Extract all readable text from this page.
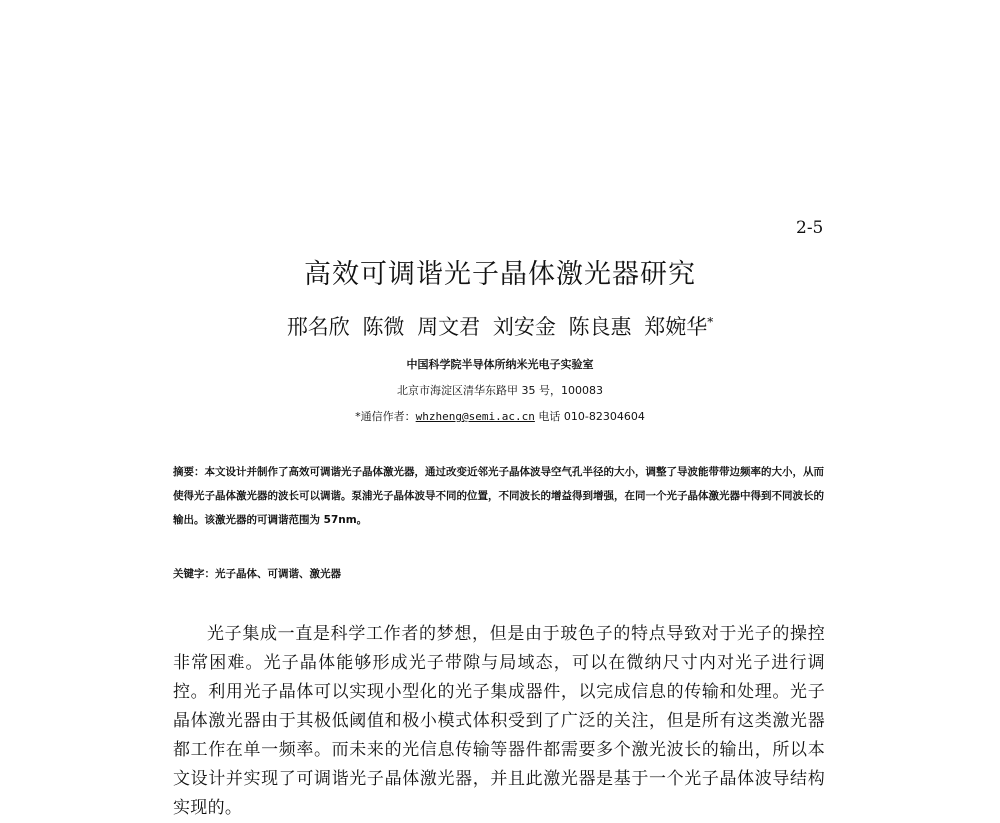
2-5
高效可调谐光子晶体激光器研究
邢名欣 陈微 周文君 刘安金 陈良惠 郑婉华*
中国科学院半导体所纳米光电子实验室
北京市海淀区清华东路甲 35 号，100083
*通信作者：whzheng@semi.ac.cn 电话 010-82304604
摘要：本文设计并制作了高效可调谐光子晶体激光器，通过改变近邻光子晶体波导空气孔半径的大小，调整了导波能带带边频率的大小，从而使得光子晶体激光器的波长可以调谐。泵浦光子晶体波导不同的位置，不同波长的增益得到增强，在同一个光子晶体激光器中得到不同波长的输出。该激光器的可调谐范围为 57nm。
关键字：光子晶体、可调谐、激光器

光子集成一直是科学工作者的梦想，但是由于玻色子的特点导致对于光子的操控非常困难。光子晶体能够形成光子带隙与局域态，可以在微纳尺寸内对光子进行调控。利用光子晶体可以实现小型化的光子集成器件，以完成信息的传输和处理。光子晶体激光器由于其极低阈值和极小模式体积受到了广泛的关注，但是所有这类激光器都工作在单一频率。而未来的光信息传输等器件都需要多个激光波长的输出，所以本文设计并实现了可调谐光子晶体激光器，并且此激光器是基于一个光子晶体波导结构实现的。
